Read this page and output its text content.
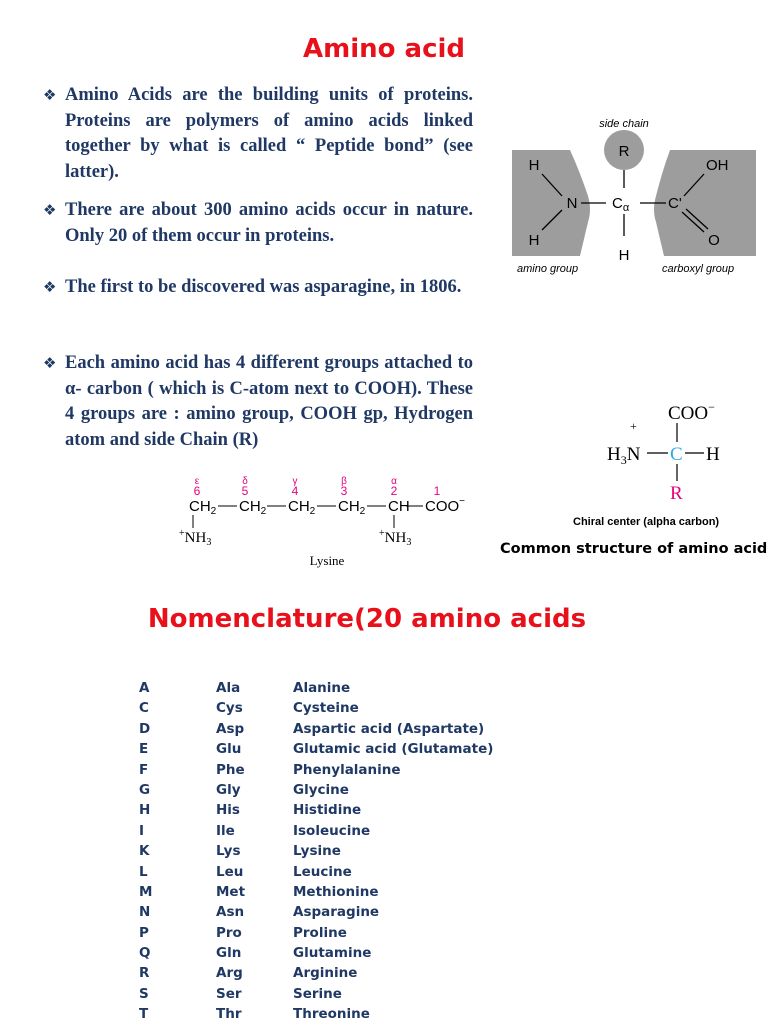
Amino acid

❖ Amino Acids are the building units of proteins. Proteins are polymers of amino acids linked together by what is called “ Peptide bond” (see latter).

❖ There are about 300 amino acids occur in nature. Only 20 of them occur in proteins.

❖ The first to be discovered was asparagine, in 1806.

❖ Each amino acid has 4 different groups attached to α- carbon ( which is C-atom next to COOH). These 4 groups are : amino group, COOH gp, Hydrogen atom and side Chain (R)

side chain
R
H
H
N $C_\alpha$
H
C'
OH
O
amino group	carboxyl group
COO−
+
$H_3N$ C H
R

Chiral center (alpha carbon)

Common structure of amino acid

ε	δ	γ	β	α
6	5	4	3	2	1
$CH_2$ $CH_2$ $CH_2$ $CH_2$ CH COO−
$^+NH_3$
$^+NH_3$
Lysine
Nomenclature(20 amino acids
A	Ala	Alanine
C	Cys	Cysteine
D	Asp	Aspartic acid (Aspartate)
E	Glu	Glutamic acid (Glutamate)
F	Phe	Phenylalanine
G	Gly	Glycine
H	His	Histidine
I	Ile	Isoleucine
K	Lys	Lysine
L	Leu	Leucine
M	Met	Methionine
N	Asn	Asparagine
P	Pro	Proline
Q	Gln	Glutamine
R	Arg	Arginine
S	Ser	Serine
T	Thr	Threonine
